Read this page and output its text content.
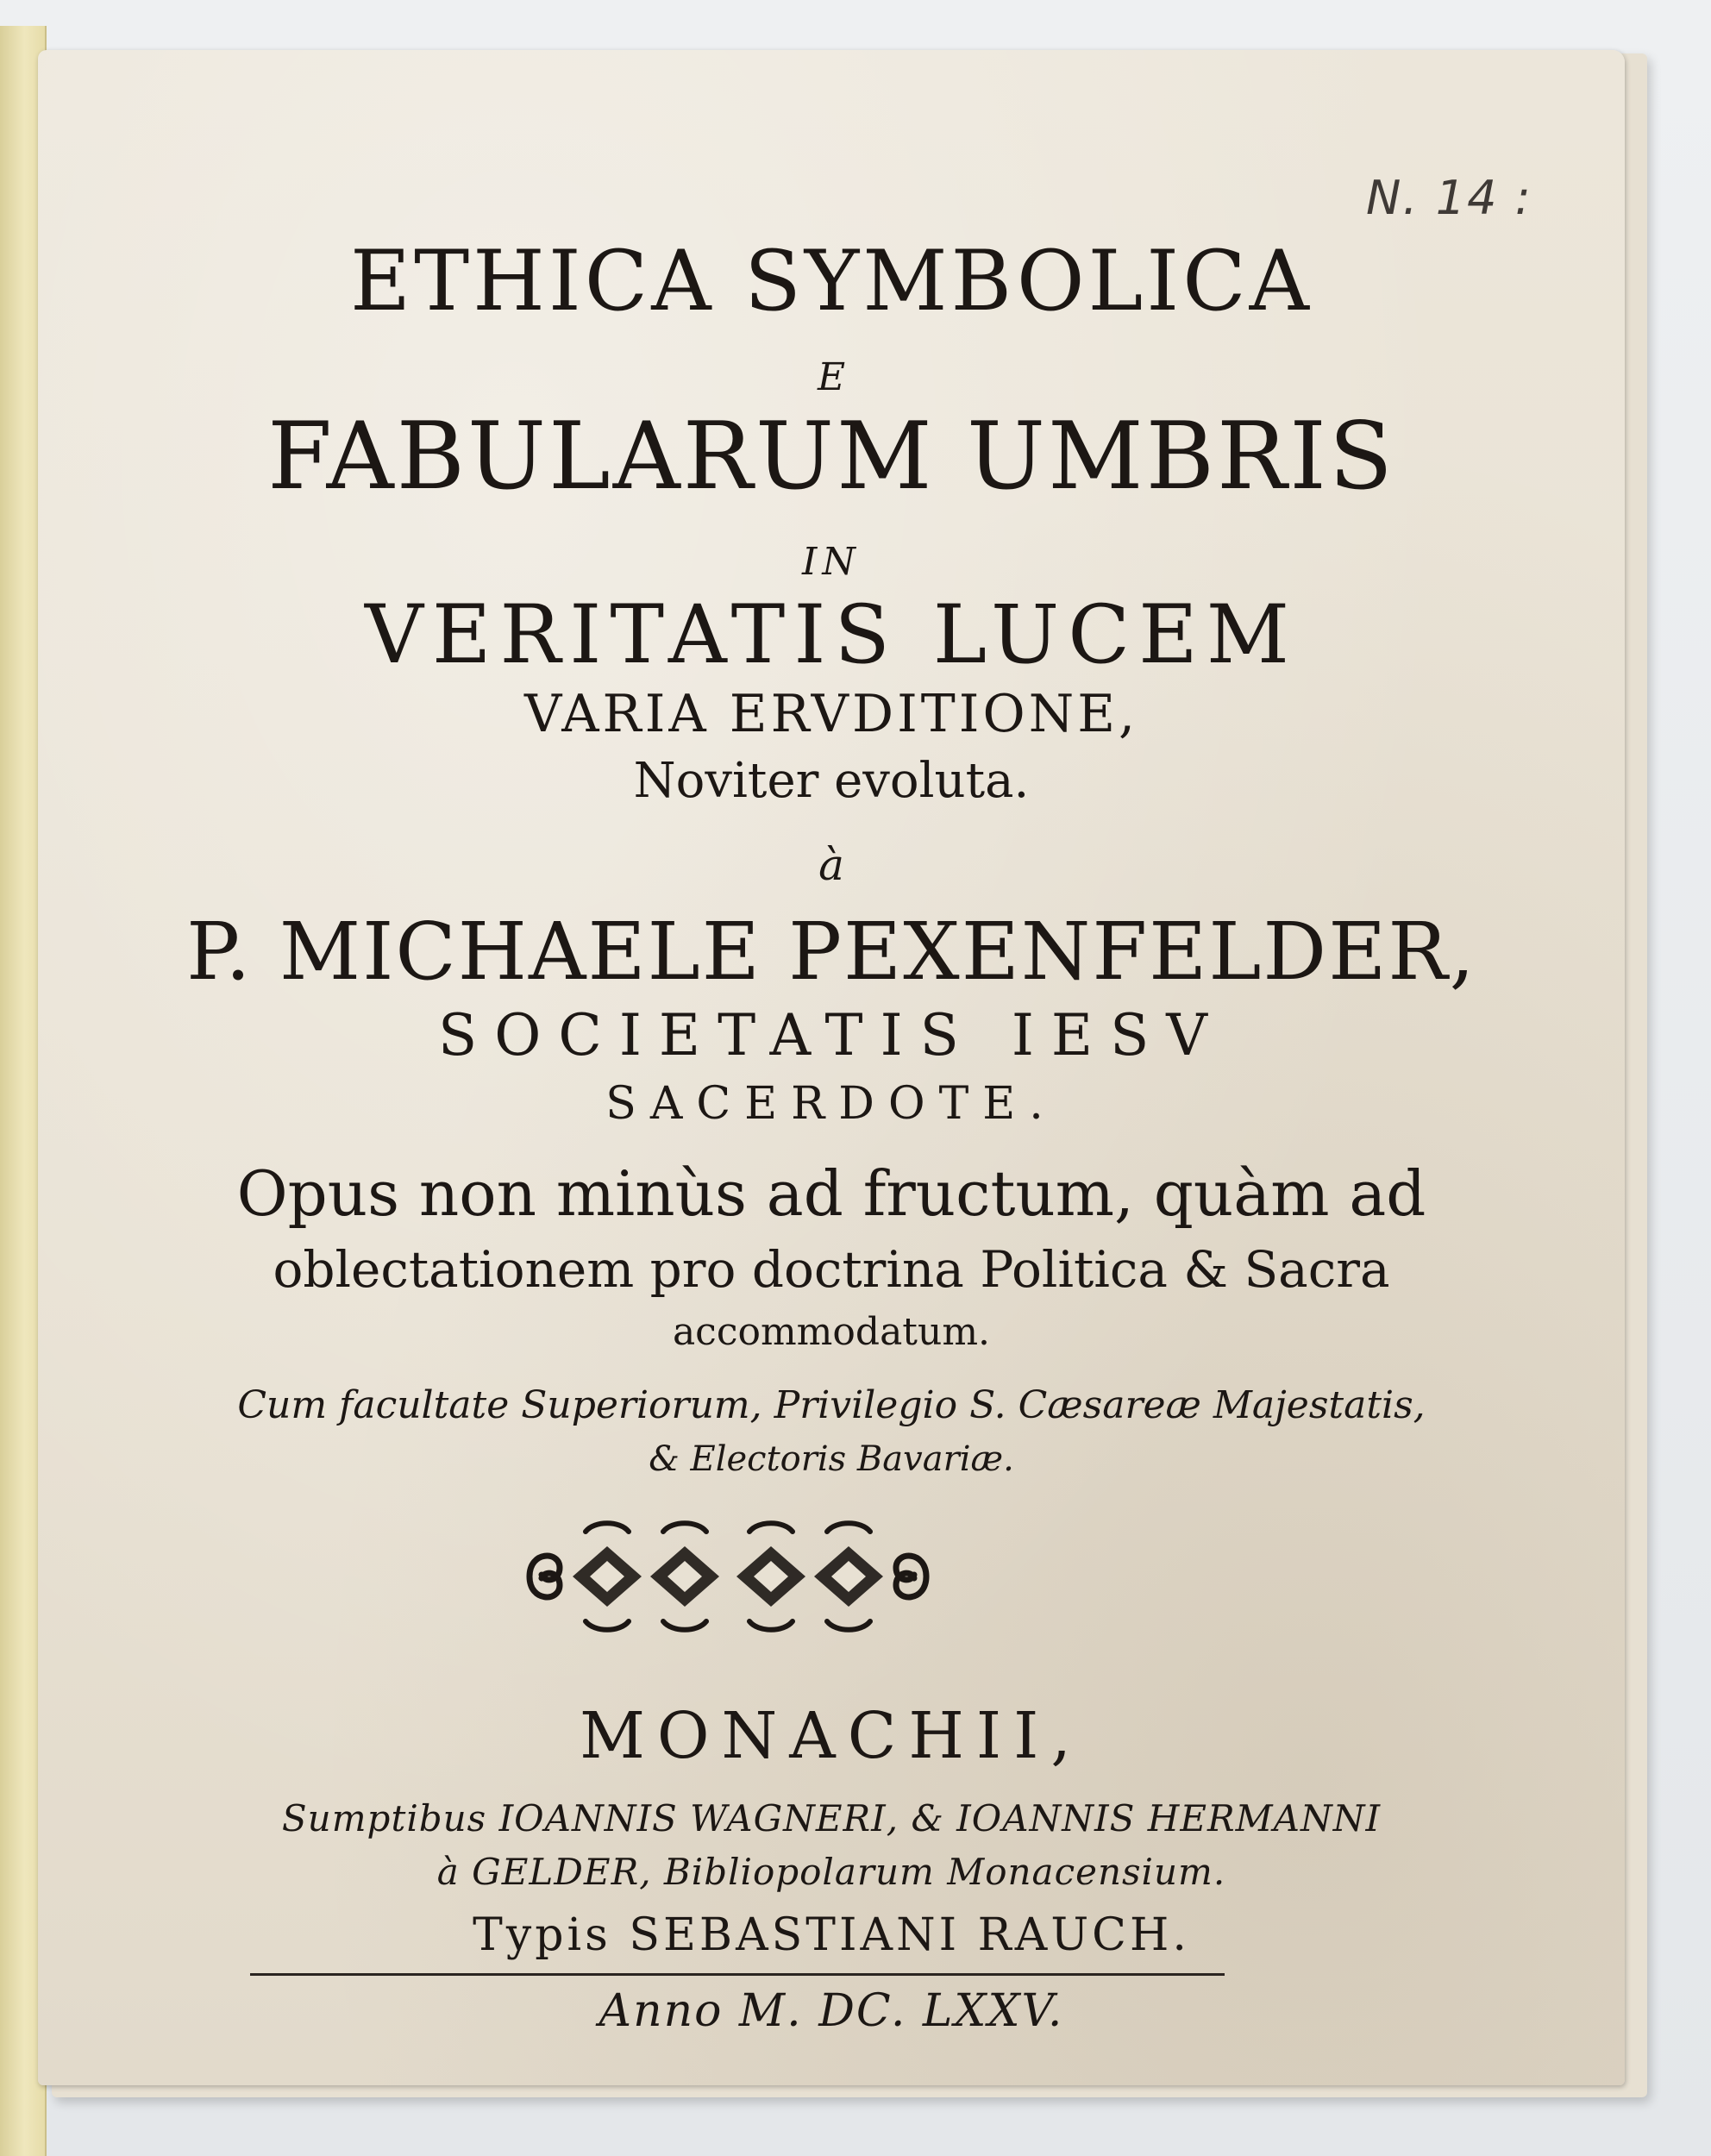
N. 14 :
ETHICA SYMBOLICA
E
FABULARUM UMBRIS
IN
VERITATIS LUCEM
VARIA ERVDITIONE,
Noviter evoluta.
à
P. MICHAELE PEXENFELDER,
SOCIETATIS IESV
SACERDOTE.
Opus non minùs ad fructum, quàm ad
oblectationem pro doctrina Politica & Sacra
accommodatum.
Cum facultate Superiorum, Privilegio S. Cæsareæ Majestatis,
& Electoris Bavariæ.
MONACHII,
Sumptibus IOANNIS WAGNERI, & IOANNIS HERMANNI
à GELDER, Bibliopolarum Monacensium.
Typis SEBASTIANI RAUCH.
Anno M. DC. LXXV.
